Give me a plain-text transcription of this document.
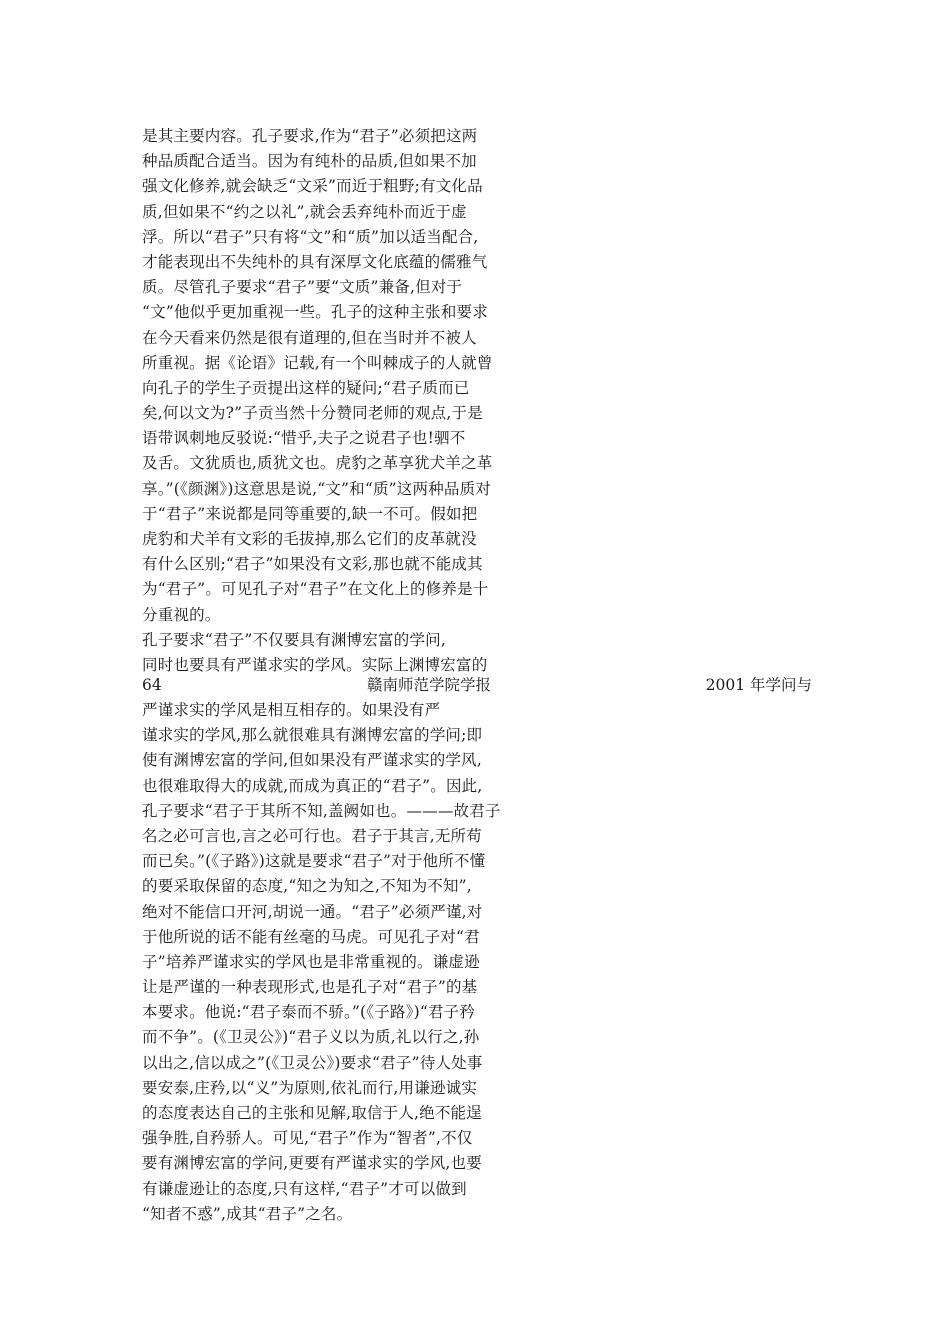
是其主要内容。孔子要求,作为“君子”必须把这两
种品质配合适当。因为有纯朴的品质,但如果不加
强文化修养,就会缺乏“文采”而近于粗野;有文化品
质,但如果不“约之以礼”,就会丢弃纯朴而近于虚
浮。所以“君子”只有将“文”和“质”加以适当配合,
才能表现出不失纯朴的具有深厚文化底蕴的儒雅气
质。尽管孔子要求“君子”要“文质”兼备,但对于
“文”他似乎更加重视一些。孔子的这种主张和要求
在今天看来仍然是很有道理的,但在当时并不被人
所重视。据《论语》记载,有一个叫棘成子的人就曾
向孔子的学生子贡提出这样的疑问;“君子质而已
矣,何以文为?”子贡当然十分赞同老师的观点,于是
语带讽刺地反驳说:“惜乎,夫子之说君子也!驷不
及舌。文犹质也,质犹文也。虎豹之革享犹犬羊之革
享。”(《颜渊》)这意思是说,“文”和“质”这两种品质对
于“君子”来说都是同等重要的,缺一不可。假如把
虎豹和犬羊有文彩的毛拔掉,那么它们的皮革就没
有什么区别;“君子”如果没有文彩,那也就不能成其
为“君子”。可见孔子对“君子”在文化上的修养是十
分重视的。
孔子要求“君子”不仅要具有渊博宏富的学问,
同时也要具有严谨求实的学风。实际上渊博宏富的
64	赣南师范学院学报	2001 年学问与
严谨求实的学风是相互相存的。如果没有严
谨求实的学风,那么就很难具有渊博宏富的学问;即
使有渊博宏富的学问,但如果没有严谨求实的学风,
也很难取得大的成就,而成为真正的“君子”。因此,
孔子要求“君子于其所不知,盖阙如也。———故君子
名之必可言也,言之必可行也。君子于其言,无所苟
而已矣。”(《子路》)这就是要求“君子”对于他所不懂
的要采取保留的态度,“知之为知之,不知为不知”,
绝对不能信口开河,胡说一通。“君子”必须严谨,对
于他所说的话不能有丝毫的马虎。可见孔子对“君
子”培养严谨求实的学风也是非常重视的。谦虚逊
让是严谨的一种表现形式,也是孔子对“君子”的基
本要求。他说:“君子泰而不骄。”(《子路》)“君子矜
而不争”。(《卫灵公》)“君子义以为质,礼以行之,孙
以出之,信以成之”(《卫灵公》)要求“君子”待人处事
要安泰,庄矜,以“义”为原则,依礼而行,用谦逊诚实
的态度表达自己的主张和见解,取信于人,绝不能逞
强争胜,自矜骄人。可见,“君子”作为“智者”,不仅
要有渊博宏富的学问,更要有严谨求实的学风,也要
有谦虚逊让的态度,只有这样,“君子”才可以做到
“知者不惑”,成其“君子”之名。
